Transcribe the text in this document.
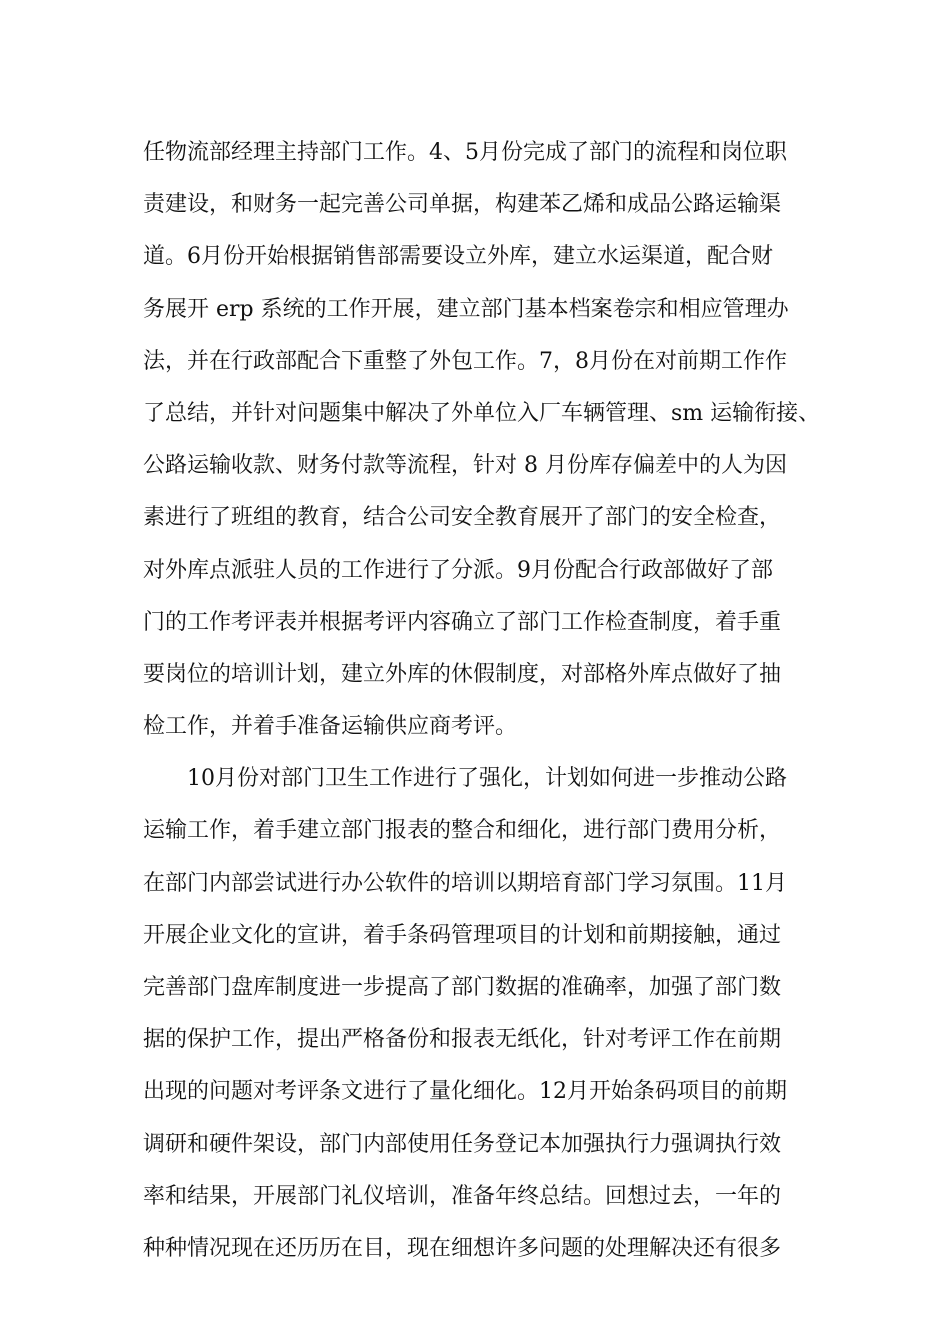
任物流部经理主持部门工作。4、5月份完成了部门的流程和岗位职
责建设，和财务一起完善公司单据，构建苯乙烯和成品公路运输渠
道。6月份开始根据销售部需要设立外库，建立水运渠道，配合财
务展开 erp 系统的工作开展，建立部门基本档案卷宗和相应管理办
法，并在行政部配合下重整了外包工作。7，8月份在对前期工作作
了总结，并针对问题集中解决了外单位入厂车辆管理、sm 运输衔接、
公路运输收款、财务付款等流程，针对 8 月份库存偏差中的人为因
素进行了班组的教育，结合公司安全教育展开了部门的安全检查，
对外库点派驻人员的工作进行了分派。9月份配合行政部做好了部
门的工作考评表并根据考评内容确立了部门工作检查制度，着手重
要岗位的培训计划，建立外库的休假制度，对部格外库点做好了抽
检工作，并着手准备运输供应商考评。
10月份对部门卫生工作进行了强化，计划如何进一步推动公路
运输工作，着手建立部门报表的整合和细化，进行部门费用分析，
在部门内部尝试进行办公软件的培训以期培育部门学习氛围。11月
开展企业文化的宣讲，着手条码管理项目的计划和前期接触，通过
完善部门盘库制度进一步提高了部门数据的准确率，加强了部门数
据的保护工作，提出严格备份和报表无纸化，针对考评工作在前期
出现的问题对考评条文进行了量化细化。12月开始条码项目的前期
调研和硬件架设，部门内部使用任务登记本加强执行力强调执行效
率和结果，开展部门礼仪培训，准备年终总结。回想过去，一年的
种种情况现在还历历在目，现在细想许多问题的处理解决还有很多
